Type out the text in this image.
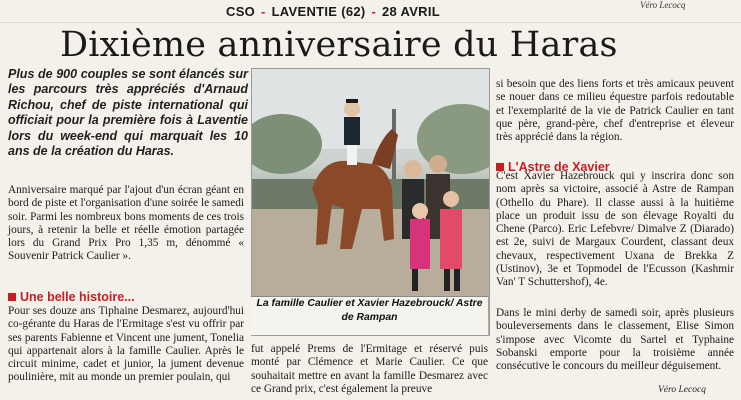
CSO - LAVENTIE (62) - 28 AVRIL	Véro Lecocq
Dixième anniversaire du Haras
Plus de 900 couples se sont élancés sur les parcours très appréciés d'Arnaud Richou, chef de piste international qui officiait pour la première fois à Laventie lors du week-end qui marquait les 10 ans de la création du Haras.
Anniversaire marqué par l'ajout d'un écran géant en bord de piste et l'organisation d'une soirée le samedi soir. Parmi les nombreux bons moments de ces trois jours, à retenir la belle et réelle émotion partagée lors du Grand Prix Pro 1,35 m, dénommé « Souvenir Patrick Caulier ».
Une belle histoire...
Pour ses douze ans Tiphaine Desmarez, aujourd'hui co-gérante du Haras de l'Ermitage s'est vu offrir par ses parents Fabienne et Vincent une jument, Tonelia qui appartenait alors à la famille Caulier. Après le circuit minime, cadet et junior, la jument devenue poulinière, mit au monde un premier poulain, qui
La famille Caulier et Xavier Hazebrouck/ Astre de Rampan
fut appelé Prems de l'Ermitage et réservé puis monté par Clémence et Marie Caulier. Ce que souhaitait mettre en avant la famille Desmarez avec ce Grand prix, c'est également la preuve
si besoin que des liens forts et très amicaux peuvent se nouer dans ce milieu équestre parfois redoutable et l'exemplarité de la vie de Patrick Caulier en tant que père, grand-père, chef d'entreprise et éleveur très apprécié dans la région.
L'Astre de Xavier
C'est Xavier Hazebrouck qui y inscrira donc son nom après sa victoire, associé à Astre de Rampan (Othello du Phare). Il classe aussi à la huitième place un produit issu de son élevage Royalti du Chene (Parco). Eric Lefebvre/ Dimalve Z (Diarado) est 2e, suivi de Margaux Courdent, classant deux chevaux, respectivement Uxana de Brekka Z (Ustinov), 3e et Topmodel de l'Ecusson (Kashmir Van' T Schuttershof), 4e.
Dans le mini derby de samedi soir, après plusieurs bouleversements dans le classement, Elise Simon s'impose avec Vicomte du Sartel et Typhaine Sobanski emporte pour la troisième année consécutive le concours du meilleur déguisement.
Véro Lecocq
